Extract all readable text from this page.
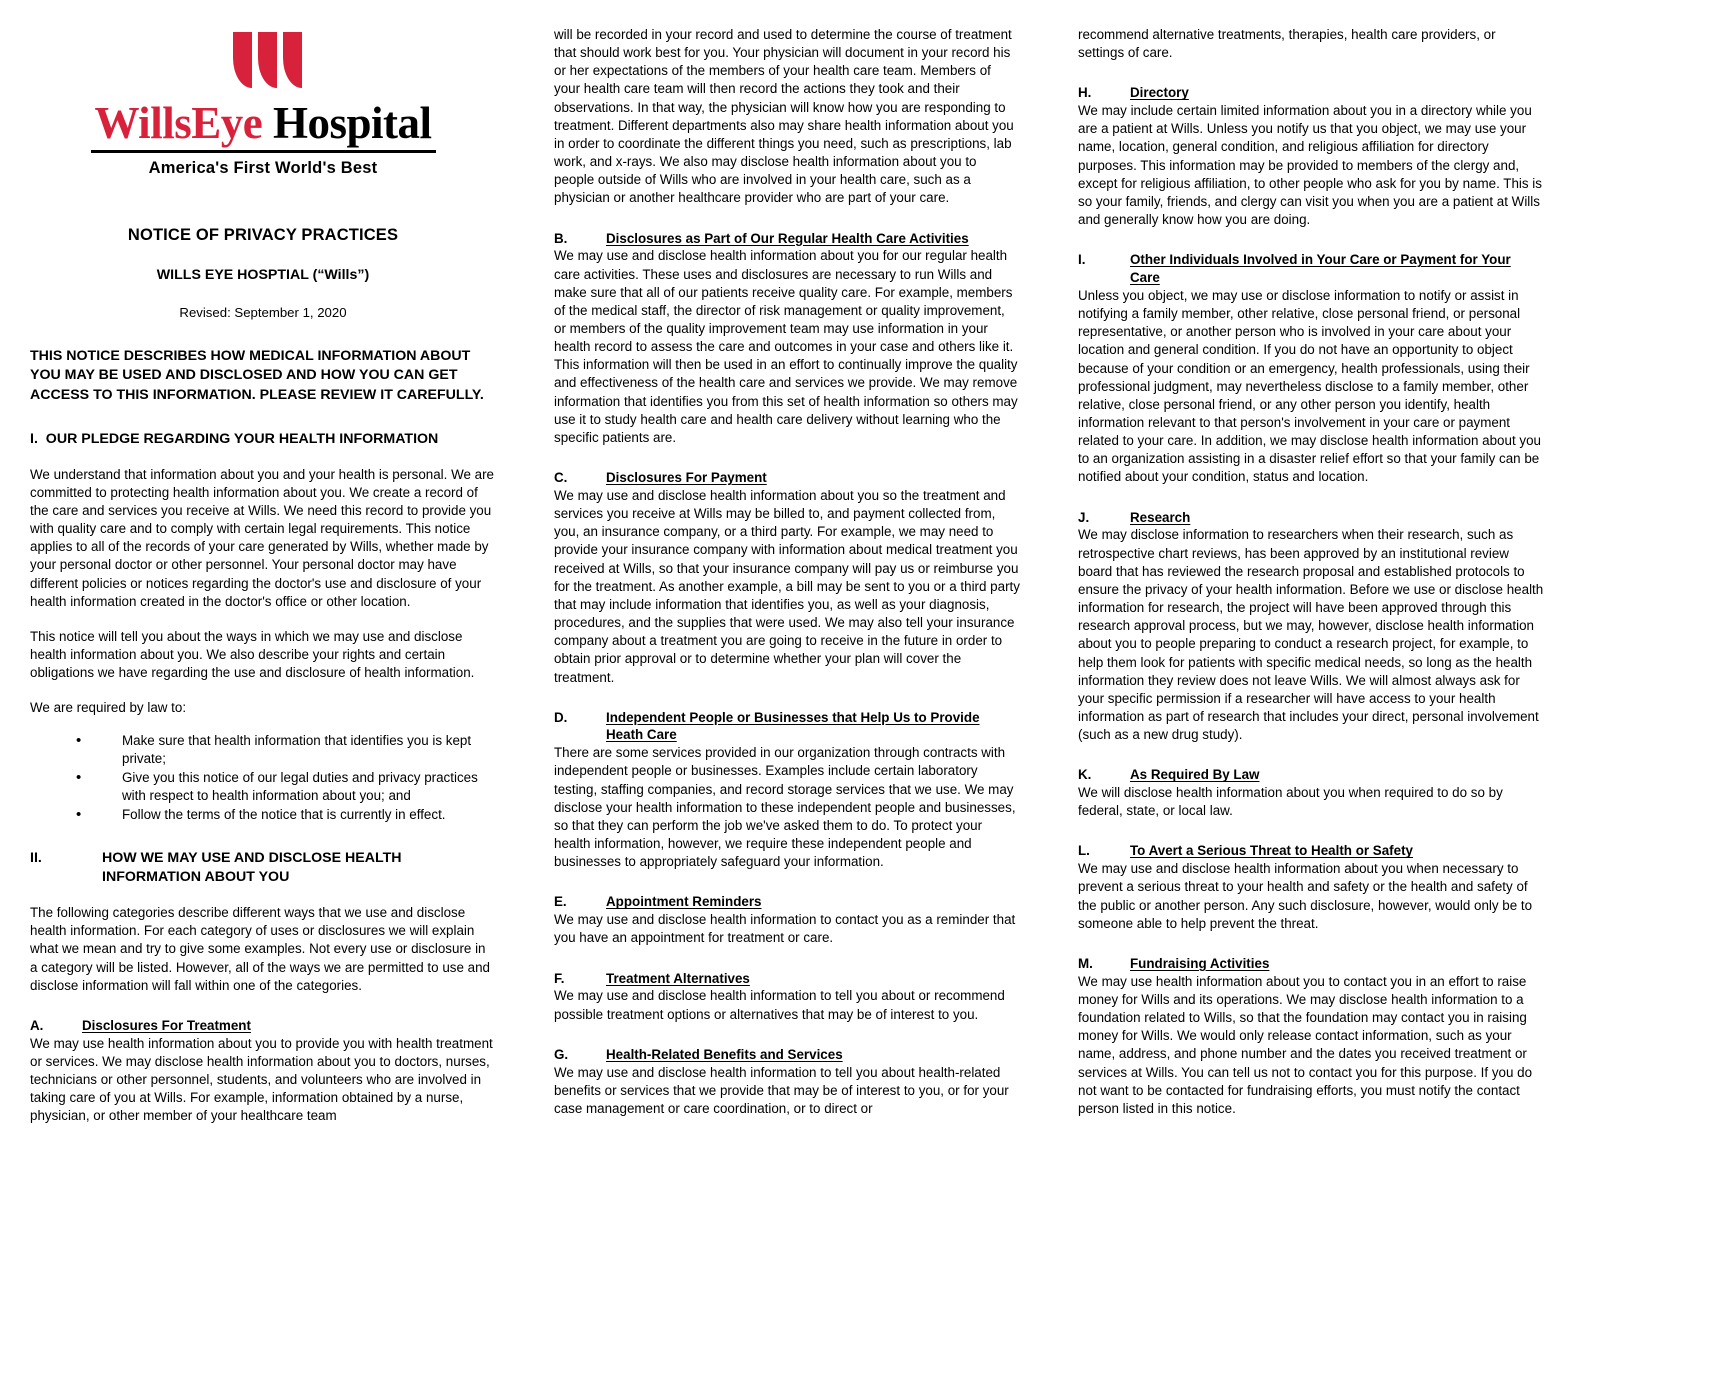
WillsEye Hospital
America's First World's Best
NOTICE OF PRIVACY PRACTICES
WILLS EYE HOSPTIAL (“Wills”)
Revised: September 1, 2020
THIS NOTICE DESCRIBES HOW MEDICAL INFORMATION ABOUT YOU MAY BE USED AND DISCLOSED AND HOW YOU CAN GET ACCESS TO THIS INFORMATION. PLEASE REVIEW IT CAREFULLY.
I. OUR PLEDGE REGARDING YOUR HEALTH INFORMATION

We understand that information about you and your health is personal. We are committed to protecting health information about you. We create a record of the care and services you receive at Wills. We need this record to provide you with quality care and to comply with certain legal requirements. This notice applies to all of the records of your care generated by Wills, whether made by your personal doctor or other personnel. Your personal doctor may have different policies or notices regarding the doctor's use and disclosure of your health information created in the doctor's office or other location.

This notice will tell you about the ways in which we may use and disclose health information about you. We also describe your rights and certain obligations we have regarding the use and disclosure of health information.

We are required by law to:

• Make sure that health information that identifies you is kept private;
• Give you this notice of our legal duties and privacy practices with respect to health information about you; and
• Follow the terms of the notice that is currently in effect.
II.	HOW WE MAY USE AND DISCLOSE HEALTH INFORMATION ABOUT YOU

The following categories describe different ways that we use and disclose health information. For each category of uses or disclosures we will explain what we mean and try to give some examples. Not every use or disclosure in a category will be listed. However, all of the ways we are permitted to use and disclose information will fall within one of the categories.

A.	Disclosures For Treatment

We may use health information about you to provide you with health treatment or services. We may disclose health information about you to doctors, nurses, technicians or other personnel, students, and volunteers who are involved in taking care of you at Wills. For example, information obtained by a nurse, physician, or other member of your healthcare team

will be recorded in your record and used to determine the course of treatment that should work best for you. Your physician will document in your record his or her expectations of the members of your health care team. Members of your health care team will then record the actions they took and their observations. In that way, the physician will know how you are responding to treatment. Different departments also may share health information about you in order to coordinate the different things you need, such as prescriptions, lab work, and x-rays. We also may disclose health information about you to people outside of Wills who are involved in your health care, such as a physician or another healthcare provider who are part of your care.

B.	Disclosures as Part of Our Regular Health Care Activities

We may use and disclose health information about you for our regular health care activities. These uses and disclosures are necessary to run Wills and make sure that all of our patients receive quality care. For example, members of the medical staff, the director of risk management or quality improvement, or members of the quality improvement team may use information in your health record to assess the care and outcomes in your case and others like it. This information will then be used in an effort to continually improve the quality and effectiveness of the health care and services we provide. We may remove information that identifies you from this set of health information so others may use it to study health care and health care delivery without learning who the specific patients are.

C.	Disclosures For Payment

We may use and disclose health information about you so the treatment and services you receive at Wills may be billed to, and payment collected from, you, an insurance company, or a third party. For example, we may need to provide your insurance company with information about medical treatment you received at Wills, so that your insurance company will pay us or reimburse you for the treatment. As another example, a bill may be sent to you or a third party that may include information that identifies you, as well as your diagnosis, procedures, and the supplies that were used. We may also tell your insurance company about a treatment you are going to receive in the future in order to obtain prior approval or to determine whether your plan will cover the treatment.

D.	Independent People or Businesses that Help Us to Provide Heath Care

There are some services provided in our organization through contracts with independent people or businesses. Examples include certain laboratory testing, staffing companies, and record storage services that we use. We may disclose your health information to these independent people and businesses, so that they can perform the job we've asked them to do. To protect your health information, however, we require these independent people and businesses to appropriately safeguard your information.

E.	Appointment Reminders

We may use and disclose health information to contact you as a reminder that you have an appointment for treatment or care.

F.	Treatment Alternatives

We may use and disclose health information to tell you about or recommend possible treatment options or alternatives that may be of interest to you.

G.	Health-Related Benefits and Services

We may use and disclose health information to tell you about health-related benefits or services that we provide that may be of interest to you, or for your case management or care coordination, or to direct or

recommend alternative treatments, therapies, health care providers, or settings of care.

H.	Directory

We may include certain limited information about you in a directory while you are a patient at Wills. Unless you notify us that you object, we may use your name, location, general condition, and religious affiliation for directory purposes. This information may be provided to members of the clergy and, except for religious affiliation, to other people who ask for you by name. This is so your family, friends, and clergy can visit you when you are a patient at Wills and generally know how you are doing.

I.	Other Individuals Involved in Your Care or Payment for Your Care

Unless you object, we may use or disclose information to notify or assist in notifying a family member, other relative, close personal friend, or personal representative, or another person who is involved in your care about your location and general condition. If you do not have an opportunity to object because of your condition or an emergency, health professionals, using their professional judgment, may nevertheless disclose to a family member, other relative, close personal friend, or any other person you identify, health information relevant to that person's involvement in your care or payment related to your care. In addition, we may disclose health information about you to an organization assisting in a disaster relief effort so that your family can be notified about your condition, status and location.

J.	Research

We may disclose information to researchers when their research, such as retrospective chart reviews, has been approved by an institutional review board that has reviewed the research proposal and established protocols to ensure the privacy of your health information. Before we use or disclose health information for research, the project will have been approved through this research approval process, but we may, however, disclose health information about you to people preparing to conduct a research project, for example, to help them look for patients with specific medical needs, so long as the health information they review does not leave Wills. We will almost always ask for your specific permission if a researcher will have access to your health information as part of research that includes your direct, personal involvement (such as a new drug study).

K.	As Required By Law

We will disclose health information about you when required to do so by federal, state, or local law.

L.	To Avert a Serious Threat to Health or Safety

We may use and disclose health information about you when necessary to prevent a serious threat to your health and safety or the health and safety of the public or another person. Any such disclosure, however, would only be to someone able to help prevent the threat.

M.	Fundraising Activities

We may use health information about you to contact you in an effort to raise money for Wills and its operations. We may disclose health information to a foundation related to Wills, so that the foundation may contact you in raising money for Wills. We would only release contact information, such as your name, address, and phone number and the dates you received treatment or services at Wills. You can tell us not to contact you for this purpose. If you do not want to be contacted for fundraising efforts, you must notify the contact person listed in this notice.
